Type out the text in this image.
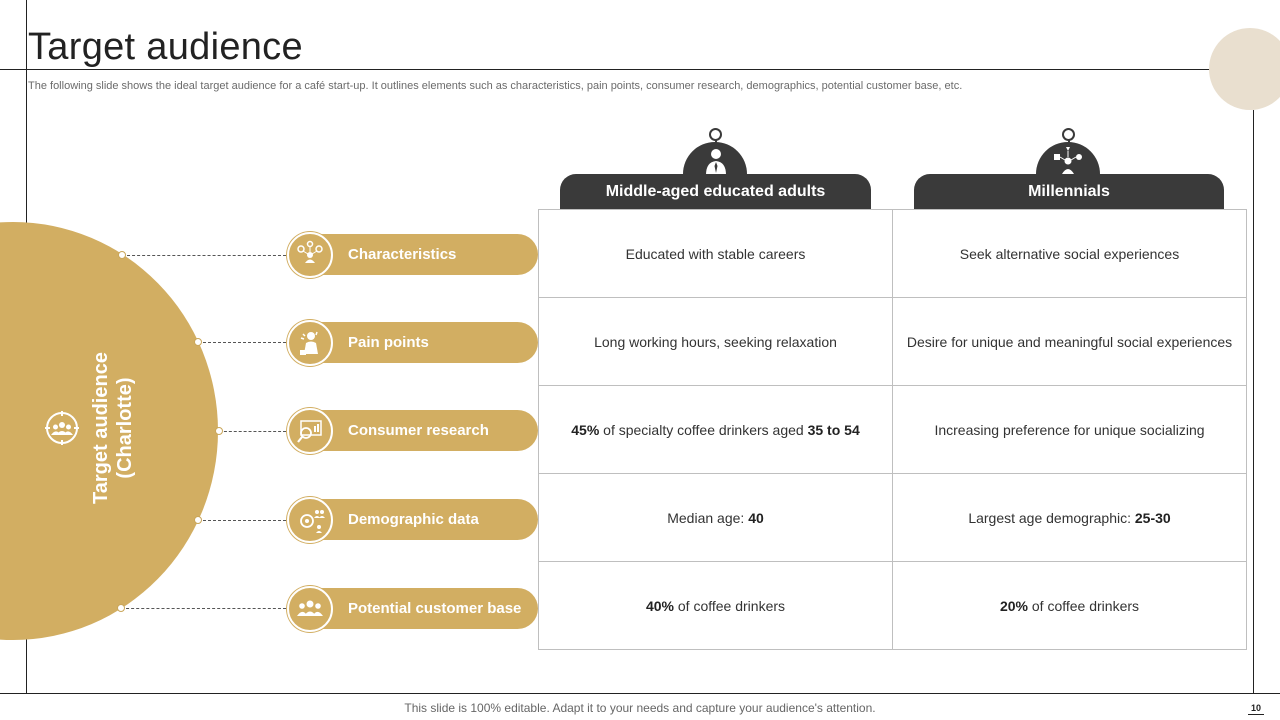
Target audience
The following slide shows the ideal target audience for a café start-up. It outlines elements such as characteristics, pain points, consumer research, demographics, potential customer base, etc.
Target audience (Charlotte)
Characteristics
Pain points
Consumer research
Demographic data
Potential customer base
Middle-aged educated adults	Millennials
Educated with stable careers	Seek alternative social experiences
Long working hours, seeking relaxation	Desire for unique and meaningful social experiences
45% of specialty coffee drinkers aged 35 to 54	Increasing preference for unique socializing
Median age: 40	Largest age demographic: 25-30
40% of coffee drinkers	20% of coffee drinkers
This slide is 100% editable. Adapt it to your needs and capture your audience's attention.	10
